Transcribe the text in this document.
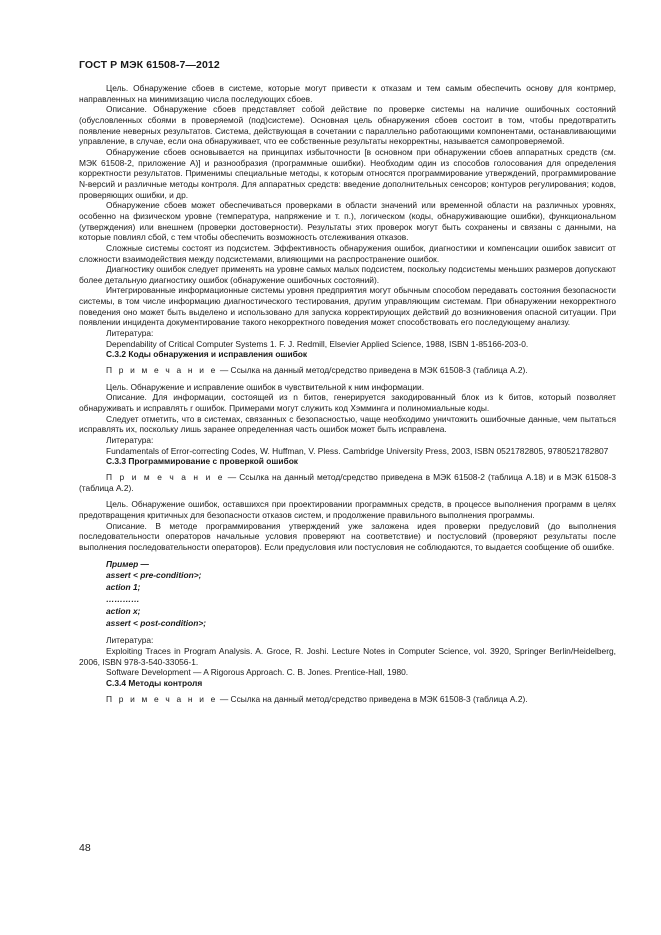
ГОСТ Р МЭК 61508-7—2012

Цель. Обнаружение сбоев в системе, которые могут привести к отказам и тем самым обеспечить основу для контрмер, направленных на минимизацию числа последующих сбоев.

Описание. Обнаружение сбоев представляет собой действие по проверке системы на наличие ошибочных состояний (обусловленных сбоями в проверяемой (под)системе). Основная цель обнаружения сбоев состоит в том, чтобы предотвратить появление неверных результатов. Система, действующая в сочетании с параллельно работающими компонентами, останавливающими управление, в случае, если она обнаруживает, что ее собственные результаты некорректны, называется самопроверяемой.

Обнаружение сбоев основывается на принципах избыточности [в основном при обнаружении сбоев аппаратных средств (см. МЭК 61508-2, приложение А)] и разнообразия (программные ошибки). Необходим один из способов голосования для определения корректности результатов. Применимы специальные методы, к которым относятся программирование утверждений, программирование N-версий и различные методы контроля. Для аппаратных средств: введение дополнительных сенсоров; контуров регулирования; кодов, проверяющих ошибки, и др.

Обнаружение сбоев может обеспечиваться проверками в области значений или временной области на различных уровнях, особенно на физическом уровне (температура, напряжение и т. п.), логическом (коды, обнаруживающие ошибки), функциональном (утверждения) или внешнем (проверки достоверности). Результаты этих проверок могут быть сохранены и связаны с данными, на которые повлиял сбой, с тем чтобы обеспечить возможность отслеживания отказов.

Сложные системы состоят из подсистем. Эффективность обнаружения ошибок, диагностики и компенсации ошибок зависит от сложности взаимодействия между подсистемами, влияющими на распространение ошибок.

Диагностику ошибок следует применять на уровне самых малых подсистем, поскольку подсистемы меньших размеров допускают более детальную диагностику ошибок (обнаружение ошибочных состояний).

Интегрированные информационные системы уровня предприятия могут обычным способом передавать состояния безопасности системы, в том числе информацию диагностического тестирования, другим управляющим системам. При обнаружении некорректного поведения оно может быть выделено и использовано для запуска корректирующих действий до возникновения опасной ситуации. При появлении инцидента документирование такого некорректного поведения может способствовать его последующему анализу.

Литература:

Dependability of Critical Computer Systems 1. F. J. Redmill, Elsevier Applied Science, 1988, ISBN 1-85166-203-0.

С.3.2 Коды обнаружения и исправления ошибок

П р и м е ч а н и е — Ссылка на данный метод/средство приведена в МЭК 61508-3 (таблица А.2).

Цель. Обнаружение и исправление ошибок в чувствительной к ним информации.

Описание. Для информации, состоящей из n битов, генерируется закодированный блок из k битов, который позволяет обнаруживать и исправлять r ошибок. Примерами могут служить код Хэмминга и полиномиальные коды.

Следует отметить, что в системах, связанных с безопасностью, чаще необходимо уничтожить ошибочные данные, чем пытаться исправлять их, поскольку лишь заранее определенная часть ошибок может быть исправлена.

Литература:

Fundamentals of Error-correcting Codes, W. Huffman, V. Pless. Cambridge University Press, 2003, ISBN 0521782805, 9780521782807

С.3.3 Программирование с проверкой ошибок

П р и м е ч а н и е — Ссылка на данный метод/средство приведена в МЭК 61508-2 (таблица А.18) и в МЭК 61508-3 (таблица А.2).

Цель. Обнаружение ошибок, оставшихся при проектировании программных средств, в процессе выполнения программ в целях предотвращения критичных для безопасности отказов систем, и продолжение правильного выполнения программы.

Описание. В методе программирования утверждений уже заложена идея проверки предусловий (до выполнения последовательности операторов начальные условия проверяют на соответствие) и постусловий (проверяют результаты после выполнения последовательности операторов). Если предусловия или постусловия не соблюдаются, то выдается сообщение об ошибке.

Пример —
assert < pre-condition>;
action 1;
…………
action x;
assert < post-condition>;

Литература:

Exploiting Traces in Program Analysis. A. Groce, R. Joshi. Lecture Notes in Computer Science, vol. 3920, Springer Berlin/Heidelberg, 2006, ISBN 978-3-540-33056-1.

Software Development — A Rigorous Approach. C. B. Jones. Prentice-Hall, 1980.

С.3.4 Методы контроля

П р и м е ч а н и е — Ссылка на данный метод/средство приведена в МЭК 61508-3 (таблица А.2).

48
